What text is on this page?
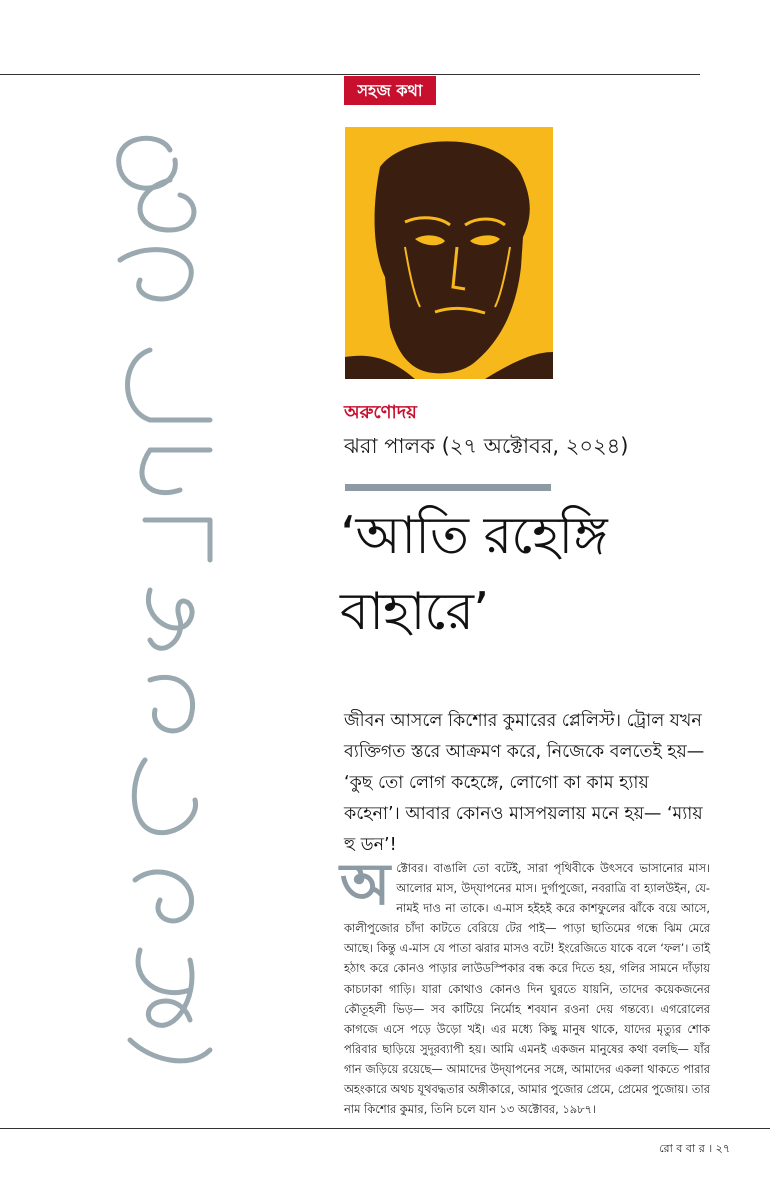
সহজ কথা
অরুণোদয়
ঝরা পালক (২৭ অক্টোবর, ২০২৪)
‘আতি রহেঙ্গি
বাহারে’
জীবন আসলে কিশোর কুমারের প্লেলিস্ট। ট্রোল যখন ব্যক্তিগত স্তরে আক্রমণ করে, নিজেকে বলতেই হয়— ‘কুছ তো লোগ কহেঙ্গে, লোগো কা কাম হ্যায় কহেনা’। আবার কোনও মাসপয়লায় মনে হয়— ‘ম্যায় হু ডন’!
অ ক্টোবর। বাঙালি তো বটেই, সারা পৃথিবীকে উৎসবে ভাসানোর মাস। আলোর মাস, উদ্‌যাপনের মাস। দুর্গাপুজো, নবরাত্রি বা হ্যালউইন, যে-নামই দাও না তাকে। এ-মাস হইহই করে কাশফুলের ঝাঁকে বয়ে আসে, কালীপুজোর চাঁদা কাটতে বেরিয়ে টের পাই— পাড়া ছাতিমের গন্ধে ঝিম মেরে আছে। কিন্তু এ-মাস যে পাতা ঝরার মাসও বটে! ইংরেজিতে যাকে বলে ‘ফল’। তাই হঠাৎ করে কোনও পাড়ার লাউডস্পিকার বন্ধ করে দিতে হয়, গলির সামনে দাঁড়ায় কাচঢাকা গাড়ি। যারা কোথাও কোনও দিন ঘুরতে যায়নি, তাদের কয়েকজনের কৌতূহলী ভিড়— সব কাটিয়ে নির্মোহ শবযান রওনা দেয় গন্তব্যে। এগরোলের কাগজে এসে পড়ে উড়ো খই। এর মধ্যে কিছু মানুষ থাকে, যাদের মৃত্যুর শোক পরিবার ছাড়িয়ে সুদূরব্যাপী হয়। আমি এমনই একজন মানুষের কথা বলছি— যাঁর গান জড়িয়ে রয়েছে— আমাদের উদ্‌যাপনের সঙ্গে, আমাদের একলা থাকতে পারার অহংকারে অথচ যূথবদ্ধতার অঙ্গীকারে, আমার পুজোর প্রেমে, প্রেমের পুজোয়। তার নাম কিশোর কুমার, তিনি চলে যান ১৩ অক্টোবর, ১৯৮৭।
রো ব বা র । ২৭
